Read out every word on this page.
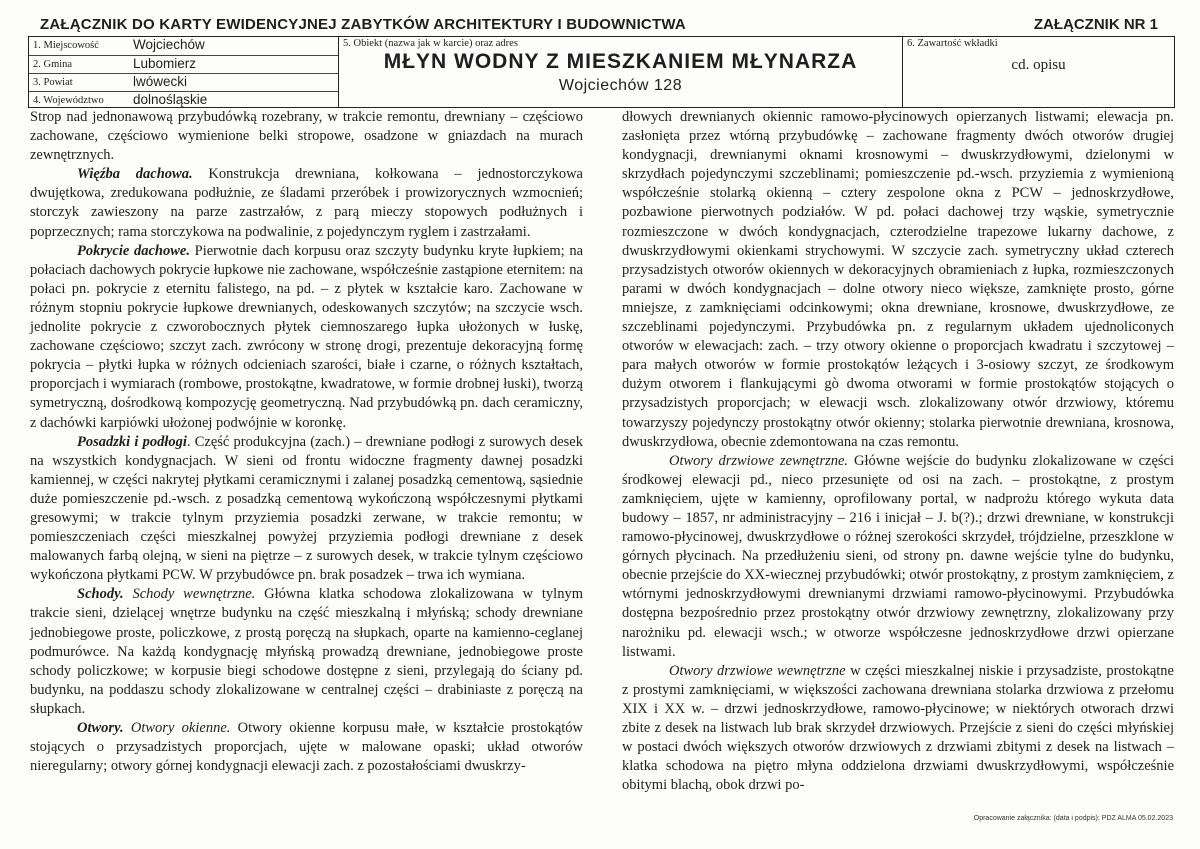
ZAŁĄCZNIK DO KARTY EWIDENCYJNEJ ZABYTKÓW ARCHITEKTURY I BUDOWNICTWA	ZAŁĄCZNIK NR 1
1. Miejscowość	Wojciechów
2. Gmina	Lubomierz
3. Powiat	lwówecki
4. Województwo dolnośląskie
5. Obiekt (nazwa jak w karcie) oraz adres
MŁYN WODNY Z MIESZKANIEM MŁYNARZA
Wojciechów 128
6. Zawartość wkładki
cd. opisu

Strop nad jednonawową przybudówką rozebrany, w trakcie remontu, drewniany – częściowo zachowane, częściowo wymienione belki stropowe, osadzone w gniazdach na murach zewnętrznych.

Więźba dachowa. Konstrukcja drewniana, kołkowana – jednostorczykowa dwujętkowa, zredukowana podłużnie, ze śladami przeróbek i prowizorycznych wzmocnień; storczyk zawieszony na parze zastrzałów, z parą mieczy stopowych podłużnych i poprzecznych; rama storczykowa na podwalinie, z pojedynczym ryglem i zastrzałami.

Pokrycie dachowe. Pierwotnie dach korpusu oraz szczyty budynku kryte łupkiem; na połaciach dachowych pokrycie łupkowe nie zachowane, współcześnie zastąpione eternitem: na połaci pn. pokrycie z eternitu falistego, na pd. – z płytek w kształcie karo. Zachowane w różnym stopniu pokrycie łupkowe drewnianych, odeskowanych szczytów; na szczycie wsch. jednolite pokrycie z czworobocznych płytek ciemnoszarego łupka ułożonych w łuskę, zachowane częściowo; szczyt zach. zwrócony w stronę drogi, prezentuje dekoracyjną formę pokrycia – płytki łupka w różnych odcieniach szarości, białe i czarne, o różnych kształtach, proporcjach i wymiarach (rombowe, prostokątne, kwadratowe, w formie drobnej łuski), tworzą symetryczną, dośrodkową kompozycję geometryczną. Nad przybudówką pn. dach ceramiczny, z dachówki karpiówki ułożonej podwójnie w koronkę.

Posadzki i podłogi. Część produkcyjna (zach.) – drewniane podłogi z surowych desek na wszystkich kondygnacjach. W sieni od frontu widoczne fragmenty dawnej posadzki kamiennej, w części nakrytej płytkami ceramicznymi i zalanej posadzką cementową, sąsiednie duże pomieszczenie pd.-wsch. z posadzką cementową wykończoną współczesnymi płytkami gresowymi; w trakcie tylnym przyziemia posadzki zerwane, w trakcie remontu; w pomieszczeniach części mieszkalnej powyżej przyziemia podłogi drewniane z desek malowanych farbą olejną, w sieni na piętrze – z surowych desek, w trakcie tylnym częściowo wykończona płytkami PCW. W przybudówce pn. brak posadzek – trwa ich wymiana.

Schody. Schody wewnętrzne. Główna klatka schodowa zlokalizowana w tylnym trakcie sieni, dzielącej wnętrze budynku na część mieszkalną i młyńską; schody drewniane jednobiegowe proste, policzkowe, z prostą poręczą na słupkach, oparte na kamienno-ceglanej podmurówce. Na każdą kondygnację młyńską prowadzą drewniane, jednobiegowe proste schody policzkowe; w korpusie biegi schodowe dostępne z sieni, przylegają do ściany pd. budynku, na poddaszu schody zlokalizowane w centralnej części – drabiniaste z poręczą na słupkach.

Otwory. Otwory okienne. Otwory okienne korpusu małe, w kształcie prostokątów stojących o przysadzistych proporcjach, ujęte w malowane opaski; układ otworów nieregularny; otwory górnej kondygnacji elewacji zach. z pozostałościami dwuskrzy-

dłowych drewnianych okiennic ramowo-płycinowych opierzanych listwami; elewacja pn. zasłonięta przez wtórną przybudówkę – zachowane fragmenty dwóch otworów drugiej kondygnacji, drewnianymi oknami krosnowymi – dwuskrzydłowymi, dzielonymi w skrzydłach pojedynczymi szczeblinami; pomieszczenie pd.-wsch. przyziemia z wymienioną współcześnie stolarką okienną – cztery zespolone okna z PCW – jednoskrzydłowe, pozbawione pierwotnych podziałów. W pd. połaci dachowej trzy wąskie, symetrycznie rozmieszczone w dwóch kondygnacjach, czterodzielne trapezowe lukarny dachowe, z dwuskrzydłowymi okienkami strychowymi. W szczycie zach. symetryczny układ czterech przysadzistych otworów okiennych w dekoracyjnych obramieniach z łupka, rozmieszczonych parami w dwóch kondygnacjach – dolne otwory nieco większe, zamknięte prosto, górne mniejsze, z zamknięciami odcinkowymi; okna drewniane, krosnowe, dwuskrzydłowe, ze szczeblinami pojedynczymi. Przybudówka pn. z regularnym układem ujednoliconych otworów w elewacjach: zach. – trzy otwory okienne o proporcjach kwadratu i szczytowej – para małych otworów w formie prostokątów leżących i 3-osiowy szczyt, ze środkowym dużym otworem i flankującymi gò dwoma otworami w formie prostokątów stojących o przysadzistych proporcjach; w elewacji wsch. zlokalizowany otwór drzwiowy, któremu towarzyszy pojedynczy prostokątny otwór okienny; stolarka pierwotnie drewniana, krosnowa, dwuskrzydłowa, obecnie zdemontowana na czas remontu.

Otwory drzwiowe zewnętrzne. Główne wejście do budynku zlokalizowane w części środkowej elewacji pd., nieco przesunięte od osi na zach. – prostokątne, z prostym zamknięciem, ujęte w kamienny, oprofilowany portal, w nadprożu którego wykuta data budowy – 1857, nr administracyjny – 216 i inicjał – J. b(?).; drzwi drewniane, w konstrukcji ramowo-płycinowej, dwuskrzydłowe o różnej szerokości skrzydeł, trójdzielne, przeszklone w górnych płycinach. Na przedłużeniu sieni, od strony pn. dawne wejście tylne do budynku, obecnie przejście do XX-wiecznej przybudówki; otwór prostokątny, z prostym zamknięciem, z wtórnymi jednoskrzydłowymi drewnianymi drzwiami ramowo-płycinowymi. Przybudówka dostępna bezpośrednio przez prostokątny otwór drzwiowy zewnętrzny, zlokalizowany przy narożniku pd. elewacji wsch.; w otworze współczesne jednoskrzydłowe drzwi opierzane listwami.

Otwory drzwiowe wewnętrzne w części mieszkalnej niskie i przysadziste, prostokątne z prostymi zamknięciami, w większości zachowana drewniana stolarka drzwiowa z przełomu XIX i XX w. – drzwi jednoskrzydłowe, ramowo-płycinowe; w niektórych otworach drzwi zbite z desek na listwach lub brak skrzydeł drzwiowych. Przejście z sieni do części młyńskiej w postaci dwóch większych otworów drzwiowych z drzwiami zbitymi z desek na listwach – klatka schodowa na piętro młyna oddzielona drzwiami dwuskrzydłowymi, współcześnie obitymi blachą, obok drzwi po-

Opracowanie załącznika: (data i podpis): PDZ ALMA 05.02.2023
